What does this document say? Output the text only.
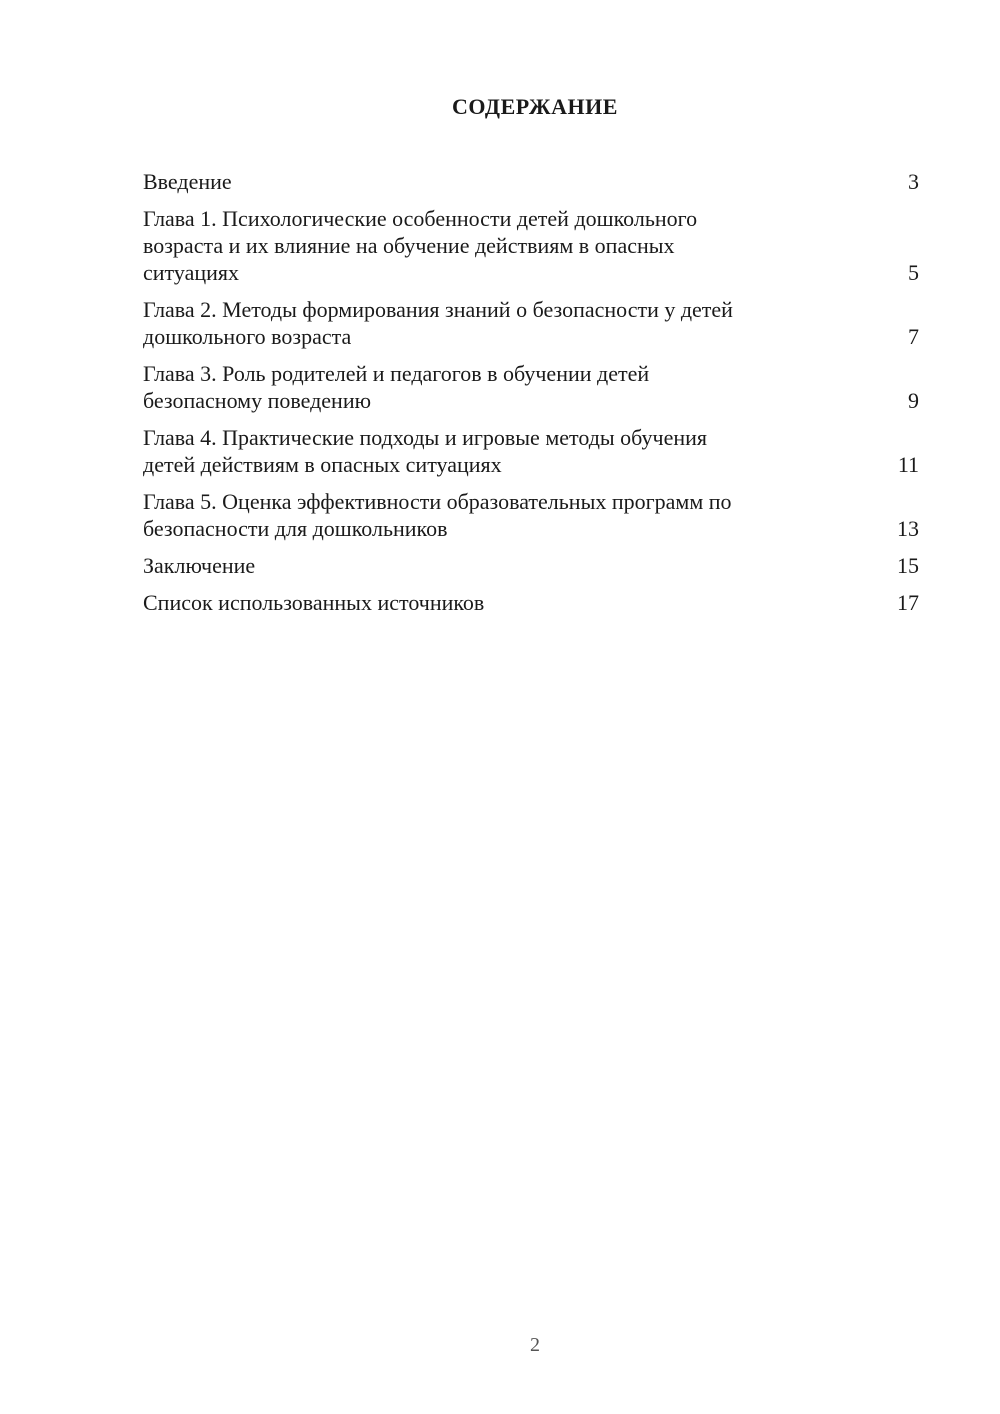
СОДЕРЖАНИЕ
Введение	3
Глава 1. Психологические особенности детей дошкольного
возраста и их влияние на обучение действиям в опасных
ситуациях	5
Глава 2. Методы формирования знаний о безопасности у детей
дошкольного возраста	7
Глава 3. Роль родителей и педагогов в обучении детей
безопасному поведению	9
Глава 4. Практические подходы и игровые методы обучения
детей действиям в опасных ситуациях	11
Глава 5. Оценка эффективности образовательных программ по
безопасности для дошкольников	13
Заключение	15
Список использованных источников	17
2
